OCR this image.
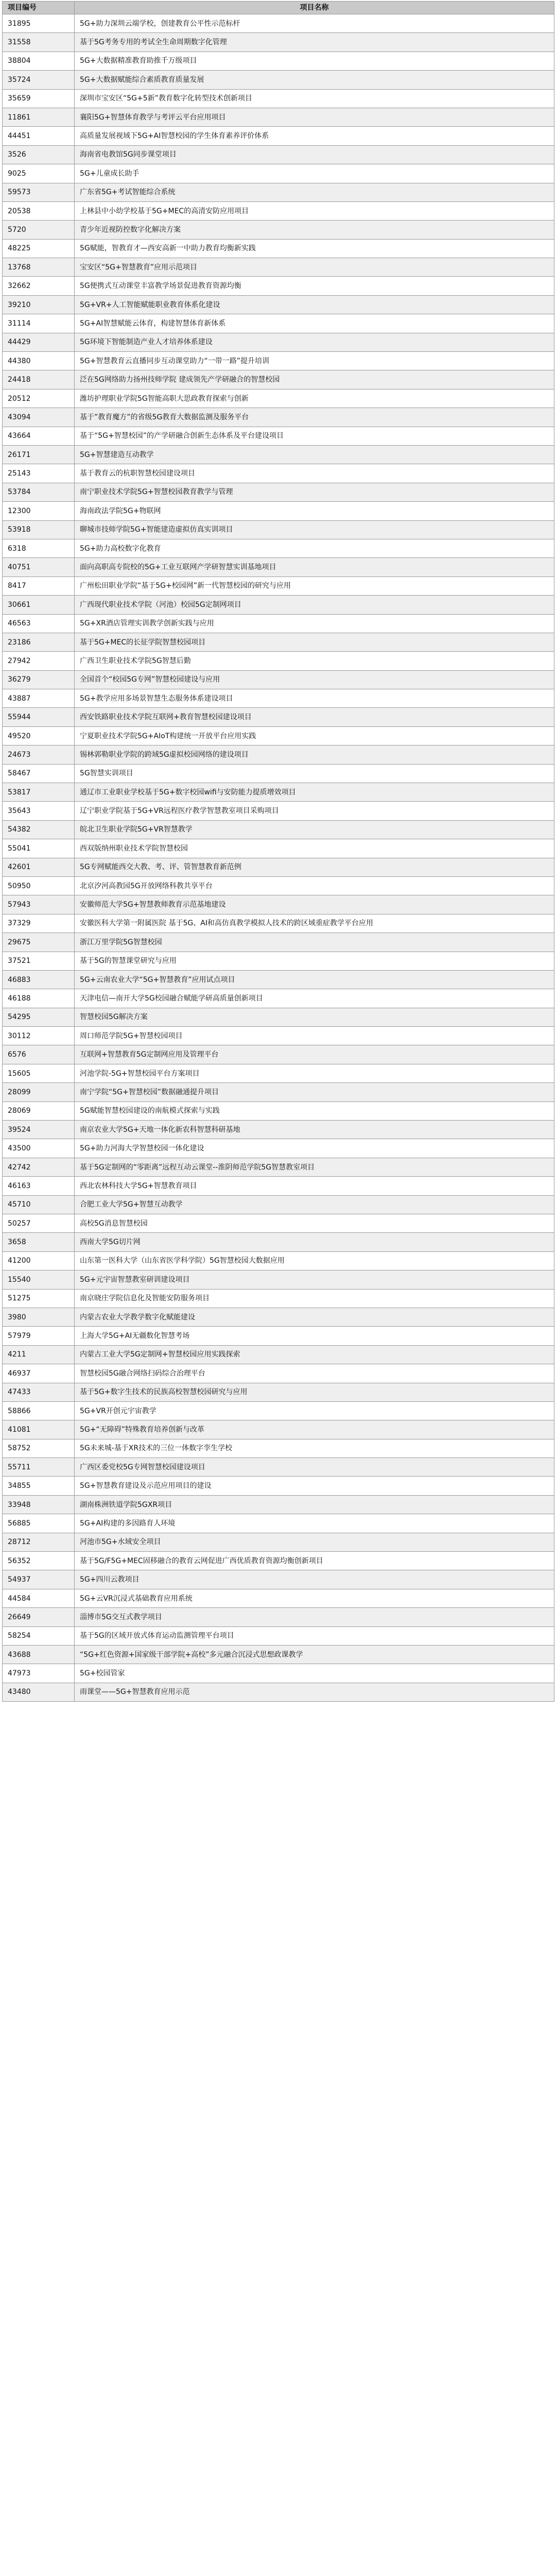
项目编号	项目名称
31895	5G+助力深圳云端学校，创建教育公平性示范标杆
31558	基于5G考务专用的考试全生命周期数字化管理
38804	5G+大数据精准教育助推千万级项目
35724	5G+大数据赋能综合素质教育质量发展
35659	深圳市宝安区“5G+5新”教育数字化转型技术创新项目
11861	襄阳5G+智慧体育教学与考评云平台应用项目
44451	高质量发展视域下5G+AI智慧校园的学生体育素养评价体系
3526	海南省电教馆5G同步课堂项目
9025	5G+儿童成长助手
59573	广东省5G+考试智能综合系统
20538	上林县中小幼学校基于5G+MEC的高清安防应用项目
5720	青少年近视防控数字化解决方案
48225	5G赋能，智教育才—西安高新一中助力教育均衡新实践
13768	宝安区“5G+智慧教育”应用示范项目
32662	5G便携式互动课堂丰富教学场景促进教育资源均衡
39210	5G+VR+人工智能赋能职业教育体系化建设
31114	5G+AI智慧赋能云体育，构建智慧体育新体系
44429	5G环境下智能制造产业人才培养体系建设
44380	5G+智慧教育云直播同步互动课堂助力“一带一路”提升培训
24418	泛在5G网络助力扬州技师学院 建成领先产学研融合的智慧校园
20512	潍坊护理职业学院5G智能高职大思政教育探索与创新
43094	基于”教育魔方”的省级5G教育大数据监测及服务平台
43664	基于“5G+智慧校园”的产学研融合创新生态体系及平台建设项目
26171	5G+智慧建造互动教学
25143	基于教育云的杭职智慧校园建设项目
53784	南宁职业技术学院5G+智慧校园教育教学与管理
12300	海南政法学院5G+物联网
53918	聊城市技师学院5G+智能建造虚拟仿真实训项目
6318	5G+助力高校数字化教育
40751	面向高职高专院校的5G+工业互联网产学研智慧实训基地项目
8417	广州松田职业学院“基于5G+校园网”新一代智慧校园的研究与应用
30661	广西现代职业技术学院（河池）校园5G定制网项目
46563	5G+XR酒店管理实训教学创新实践与应用
23186	基于5G+MEC的长征学院智慧校园项目
27942	广西卫生职业技术学院5G智慧后勤
36279	全国首个“校园5G专网”智慧校园建设与应用
43887	5G+教学应用多场景智慧生态服务体系建设项目
55944	西安铁路职业技术学院互联网+教育智慧校园建设项目
49520	宁夏职业技术学院5G+AIoT构建统一开放平台应用实践
24673	锡林郭勒职业学院的跨域5G虚拟校园网络的建设项目
58467	5G智慧实训项目
53817	通辽市工业职业学校基于5G+数字校园wifi与安防能力提质增效项目
35643	辽宁职业学院基于5G+VR远程医疗教学智慧教室项目采购项目
54382	皖北卫生职业学院5G+VR智慧教学
55041	西双版纳州职业技术学院智慧校园
42601	5G专网赋能西交大教、考、评、管智慧教育新范例
50950	北京汐河高教园5G开放网络科教共享平台
57943	安徽师范大学5G+智慧教师教育示范基地建设
37329	安徽医科大学第一附属医院 基于5G、AI和高仿真教学模拟人技术的跨区域重症教学平台应用
29675	浙江万里学院5G智慧校园
37521	基于5G的智慧课堂研究与应用
46883	5G+云南农业大学“5G+智慧教育”应用试点项目
46188	天津电信—南开大学5G校园融合赋能学研高质量创新项目
54295	智慧校园5G解决方案
30112	周口师范学院5G+智慧校园项目
6576	互联网+智慧教育5G定制网应用及管理平台
15605	河池学院-5G+智慧校园平台方案项目
28099	南宁学院“5G+智慧校园”数据融通提升项目
28069	5G赋能智慧校园建设的南航模式探索与实践
39524	南京农业大学5G+天地一体化新农科智慧科研基地
43500	5G+助力河海大学智慧校园一体化建设
42742	基于5G定制网的“零距离”远程互动云课堂--淮阴师范学院5G智慧教室项目
46163	西北农林科技大学5G+智慧教育项目
45710	合肥工业大学5G+智慧互动教学
50257	高校5G消息智慧校园
3658	西南大学5G切片网
41200	山东第一医科大学（山东省医学科学院）5G智慧校园大数据应用
15540	5G+元宇宙智慧教室研训建设项目
51275	南京晓庄学院信息化及智能安防服务项目
3980	内蒙古农业大学教学数字化赋能建设
57979	上海大学5G+AI无疆数化智慧考场
4211	内蒙古工业大学5G定制网+智慧校园应用实践探索
46937	智慧校园5G融合网络扫码综合治理平台
47433	基于5G+数字生技术的民族高校智慧校园研究与应用
58866	5G+VR开创元宇宙教学
41081	5G+“无障碍”特殊教育培养创新与改革
58752	5G未来城-基于XR技术的三位一体数字孪生学校
55711	广西区委党校5G专网智慧校园建设项目
34855	5G+智慧教育建设及示范应用项目的建设
33948	湖南株洲铁道学院5GXR项目
56885	5G+AI构建的多因路育人环境
28712	河池市5G+水域安全项目
56352	基于5G/F5G+MEC固移融合的教育云网促进广西优质教育资源均衡创新项目
54937	5G+四川云教项目
44584	5G+云VR沉浸式基础教育应用系统
26649	淄博市5G交互式教学项目
58254	基于5G的区域开放式体育运动监测管理平台项目
43688	“5G+红色资源+国家级干部学院+高校”多元融合沉浸式思想政课教学
47973	5G+校园管家
43480	雨课堂——5G+智慧教育应用示范
